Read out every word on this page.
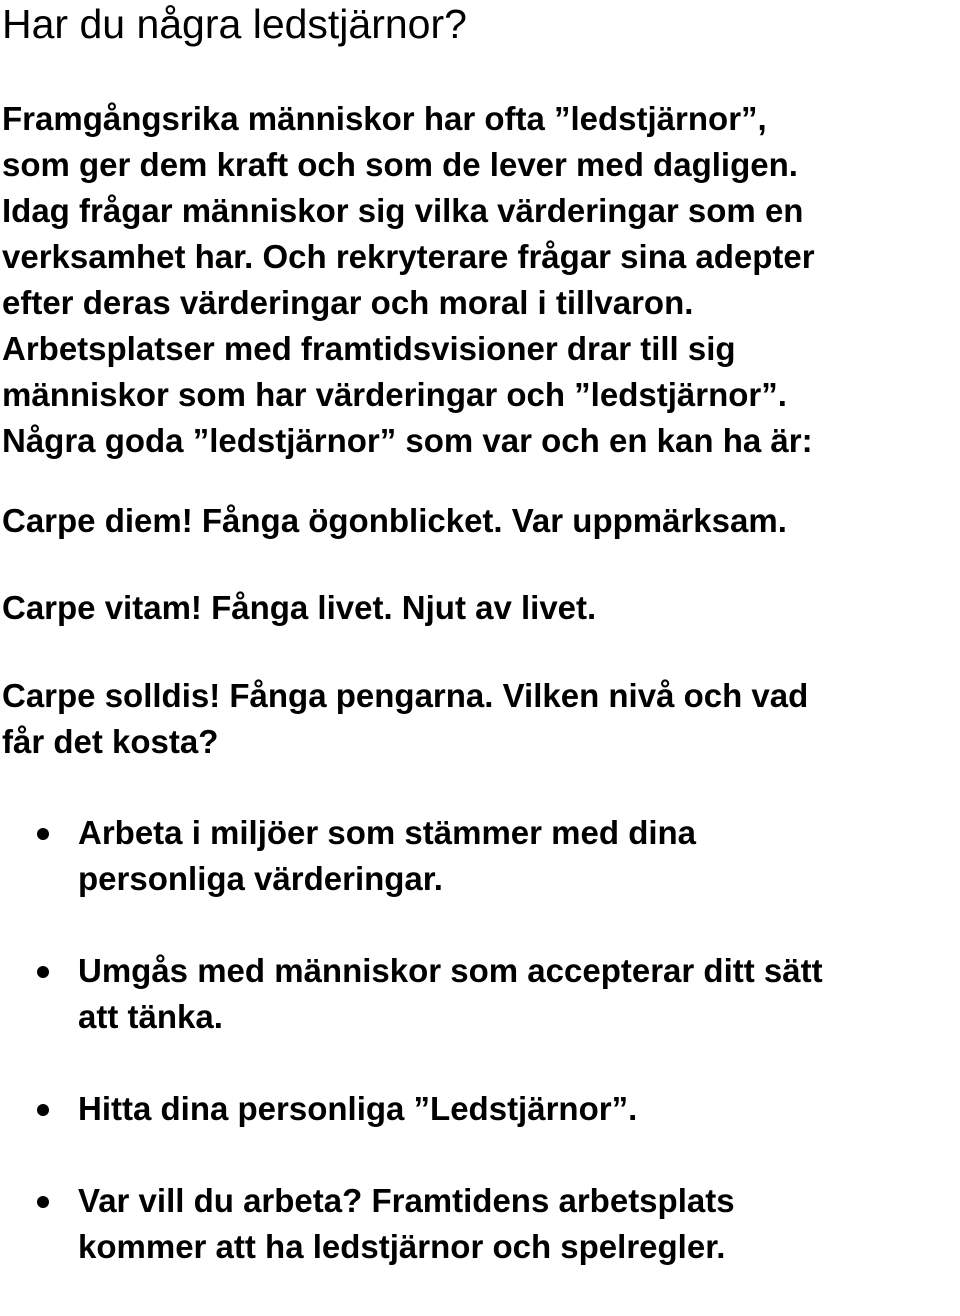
Har du några ledstjärnor?

Framgångsrika människor har ofta ”ledstjärnor”,
som ger dem kraft och som de lever med dagligen.
Idag frågar människor sig vilka värderingar som en
verksamhet har. Och rekryterare frågar sina adepter
efter deras värderingar och moral i tillvaron.
Arbetsplatser med framtidsvisioner drar till sig
människor som har värderingar och ”ledstjärnor”.
Några goda ”ledstjärnor” som var och en kan ha är:

Carpe diem! Fånga ögonblicket. Var uppmärksam.

Carpe vitam! Fånga livet. Njut av livet.

Carpe solldis! Fånga pengarna. Vilken nivå och vad
får det kosta?

Arbeta i miljöer som stämmer med dina
personliga värderingar.
Umgås med människor som accepterar ditt sätt
att tänka.
Hitta dina personliga ”Ledstjärnor”.
Var vill du arbeta? Framtidens arbetsplats
kommer att ha ledstjärnor och spelregler.
